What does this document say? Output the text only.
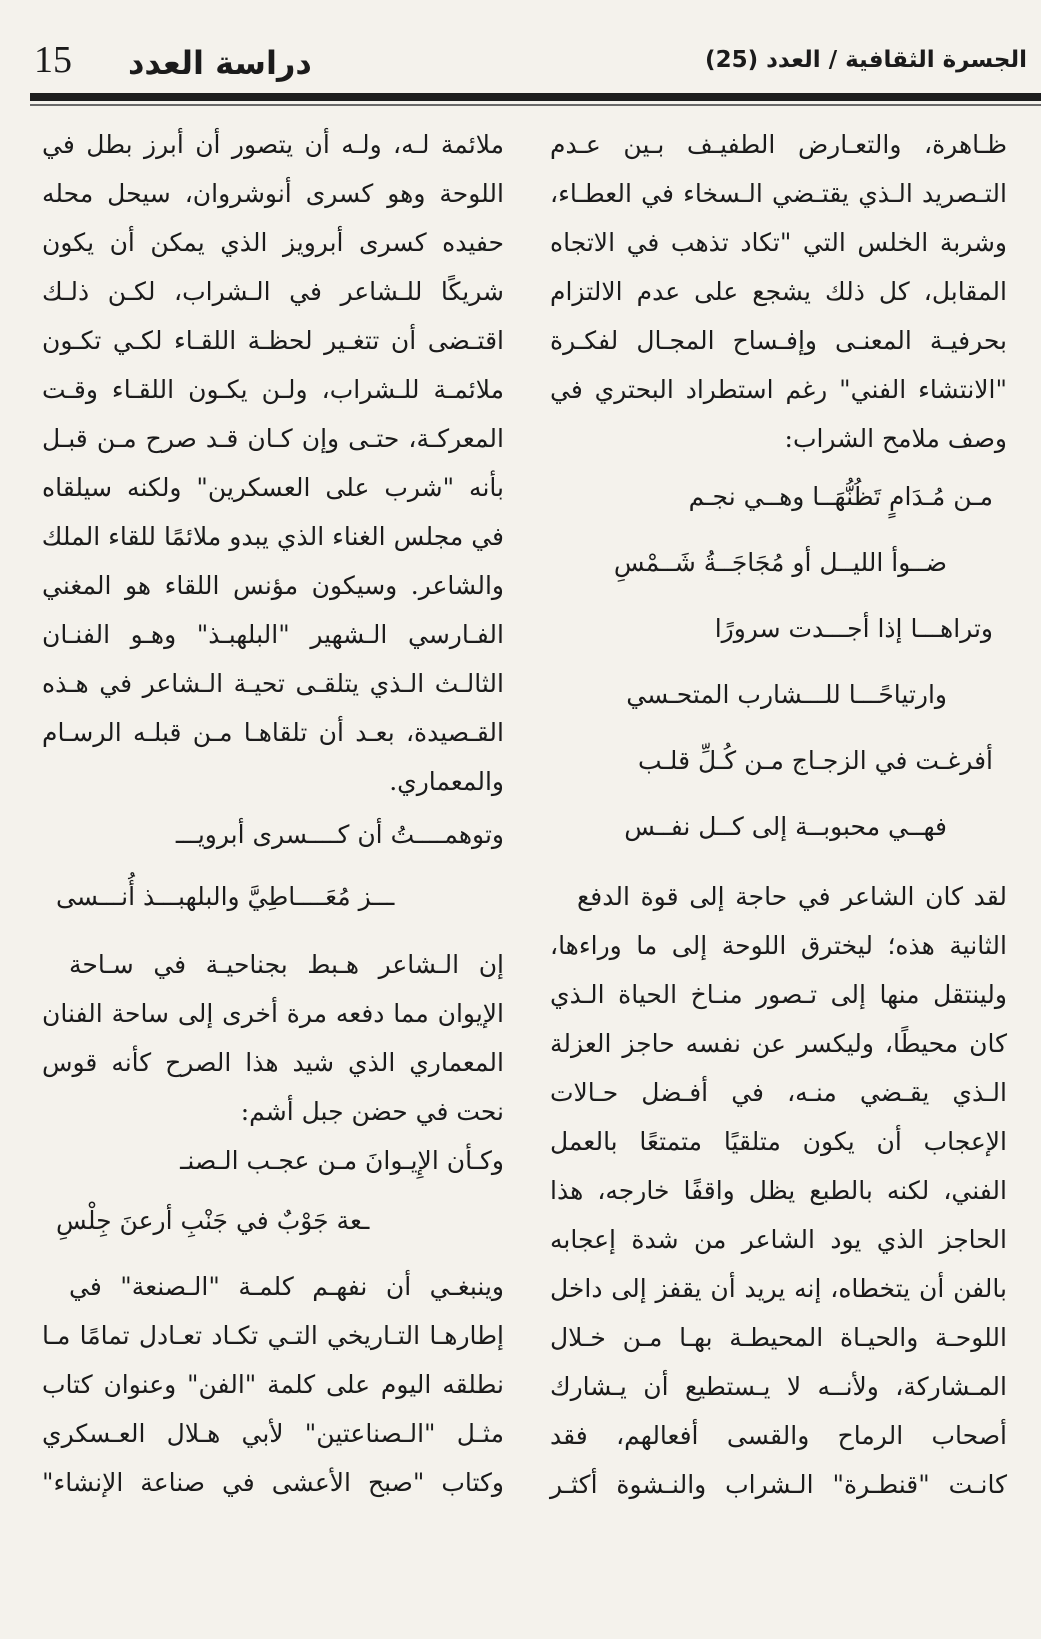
15 دراسة العدد	الجسرة الثقافية / العدد (25)
ظـاهرة، والتعـارض الطفيـف بـين عـدم
التـصريد الـذي يقتـضي الـسخاء في العطـاء،
وشربة الخلس التي "تكاد تذهب في الاتجاه
المقابل، كل ذلك يشجع على عدم الالتزام
بحرفيـة المعنـى وإفـساح المجـال لفكـرة
"الانتشاء الفني" رغم استطراد البحتري في
وصف ملامح الشراب:
مـن مُـدَامٍ تَظُنُّهَــا وهــي نجـم
ضــوأ الليــل أو مُجَاجَــةُ شَــمْسِ
وتراهـــا إذا أجـــدت سرورًا
وارتياحًـــا للـــشارب المتحـسي
أفرغـت في الزجـاج مـن كُـلِّ قلـب
فهــي محبوبــة إلى كــل نفــس
لقد كان الشاعر في حاجة إلى قوة الدفع
الثانية هذه؛ ليخترق اللوحة إلى ما وراءها،
ولينتقل منها إلى تـصور منـاخ الحياة الـذي
كان محيطًا، وليكسر عن نفسه حاجز العزلة
الـذي يقـضي منـه، في أفـضل حـالات
الإعجاب أن يكون متلقيًا متمتعًا بالعمل
الفني، لكنه بالطبع يظل واقفًا خارجه، هذا
الحاجز الذي يود الشاعر من شدة إعجابه
بالفن أن يتخطاه، إنه يريد أن يقفز إلى داخل
اللوحـة والحيـاة المحيطـة بهـا مـن خـلال
المـشاركة، ولأنــه لا يـستطيع أن يـشارك
أصحاب الرماح والقسى أفعالهم، فقد
كانـت "قنطـرة" الـشراب والنـشوة أكثـر
ملائمة لـه، ولـه أن يتصور أن أبرز بطل في
اللوحة وهو كسرى أنوشروان، سيحل محله
حفيده كسرى أبرويز الذي يمكن أن يكون
شريكًا للـشاعر في الـشراب، لكـن ذلـك
اقتـضى أن تتغـير لحظـة اللقـاء لكـي تكـون
ملائمـة للـشراب، ولـن يكـون اللقـاء وقـت
المعركـة، حتـى وإن كـان قـد صرح مـن قبـل
بأنه "شرب على العسكرين" ولكنه سيلقاه
في مجلس الغناء الذي يبدو ملائمًا للقاء الملك
والشاعر. وسيكون مؤنس اللقاء هو المغني
الفـارسي الـشهير "البلهبـذ" وهـو الفنـان
الثالـث الـذي يتلقـى تحيـة الـشاعر في هـذه
القـصيدة، بعـد أن تلقاهـا مـن قبلـه الرسـام
والمعماري.
وتوهمــــتُ أن كــــسرى أبرويـــ
ـــز مُعَــــاطِيَّ والبلهبـــذ أُنـــسى
إن الـشاعر هـبط بجناحيـة في سـاحة
الإيوان مما دفعه مرة أخرى إلى ساحة الفنان
المعماري الذي شيد هذا الصرح كأنه قوس
نحت في حضن جبل أشم:
وكـأن الإِيـوانَ مـن عجـب الـصنـ
ـعة جَوْبٌ في جَنْبِ أرعنَ جِلْسِ
وينبغـي أن نفهـم كلمـة "الـصنعة" في
إطارهـا التـاريخي التـي تكـاد تعـادل تمامًا مـا
نطلقه اليوم على كلمة "الفن" وعنوان كتاب
مثـل "الـصناعتين" لأبي هـلال العـسكري
وكتاب "صبح الأعشى في صناعة الإنشاء"
